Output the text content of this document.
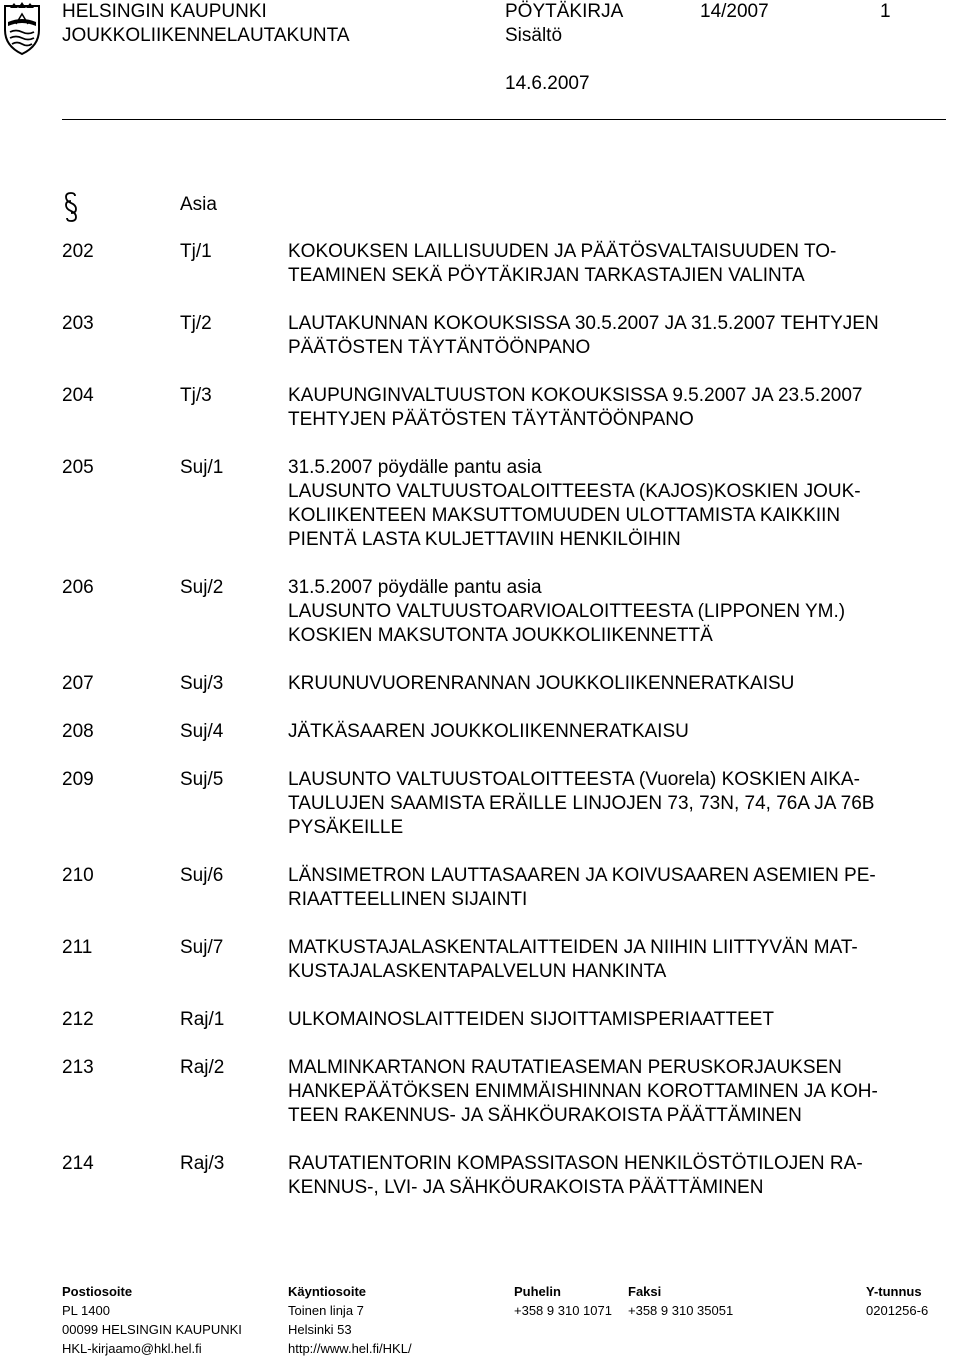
HELSINGIN KAUPUNKI
JOUKKOLIIKENNELAUTAKUNTA
PÖYTÄKIRJA
Sisältö
14/2007	1
14.6.2007
Asia
202	Tj/1	KOKOUKSEN LAILLISUUDEN JA PÄÄTÖSVALTAISUUDEN TO-
TEAMINEN SEKÄ PÖYTÄKIRJAN TARKASTAJIEN VALINTA
203	Tj/2	LAUTAKUNNAN KOKOUKSISSA 30.5.2007 JA 31.5.2007 TEHTYJEN
PÄÄTÖSTEN TÄYTÄNTÖÖNPANO
204	Tj/3	KAUPUNGINVALTUUSTON KOKOUKSISSA 9.5.2007 JA 23.5.2007
TEHTYJEN PÄÄTÖSTEN TÄYTÄNTÖÖNPANO
205	Suj/1	31.5.2007 pöydälle pantu asia
LAUSUNTO VALTUUSTOALOITTEESTA (KAJOS)KOSKIEN JOUK-
KOLIIKENTEEN MAKSUTTOMUUDEN ULOTTAMISTA KAIKKIIN
PIENTÄ LASTA KULJETTAVIIN HENKILÖIHIN
206	Suj/2	31.5.2007 pöydälle pantu asia
LAUSUNTO VALTUUSTOARVIOALOITTEESTA (LIPPONEN YM.)
KOSKIEN MAKSUTONTA JOUKKOLIIKENNETTÄ
207	Suj/3	KRUUNUVUORENRANNAN JOUKKOLIIKENNERATKAISU
208	Suj/4	JÄTKÄSAAREN JOUKKOLIIKENNERATKAISU
209	Suj/5	LAUSUNTO VALTUUSTOALOITTEESTA (Vuorela) KOSKIEN AIKA-
TAULUJEN SAAMISTA ERÄILLE LINJOJEN 73, 73N, 74, 76A JA 76B
PYSÄKEILLE
210	Suj/6	LÄNSIMETRON LAUTTASAAREN JA KOIVUSAAREN ASEMIEN PE-
RIAATTEELLINEN SIJAINTI
211	Suj/7	MATKUSTAJALASKENTALAITTEIDEN JA NIIHIN LIITTYVÄN MAT-
KUSTAJALASKENTAPALVELUN HANKINTA
212	Raj/1	ULKOMAINOSLAITTEIDEN SIJOITTAMISPERIAATTEET
213	Raj/2	MALMINKARTANON RAUTATIEASEMAN PERUSKORJAUKSEN
HANKEPÄÄTÖKSEN ENIMMÄISHINNAN KOROTTAMINEN JA KOH-
TEEN RAKENNUS- JA SÄHKÖURAKOISTA PÄÄTTÄMINEN
214	Raj/3	RAUTATIENTORIN KOMPASSITASON HENKILÖSTÖTILOJEN RA-
KENNUS-, LVI- JA SÄHKÖURAKOISTA PÄÄTTÄMINEN
Postiosoite
PL 1400
00099 HELSINGIN KAUPUNKI
HKL-kirjaamo@hkl.hel.fi
Käyntiosoite
Toinen linja 7
Helsinki 53
http://www.hel.fi/HKL/
Puhelin
+358 9 310 1071
Faksi
+358 9 310 35051
Y-tunnus
0201256-6
